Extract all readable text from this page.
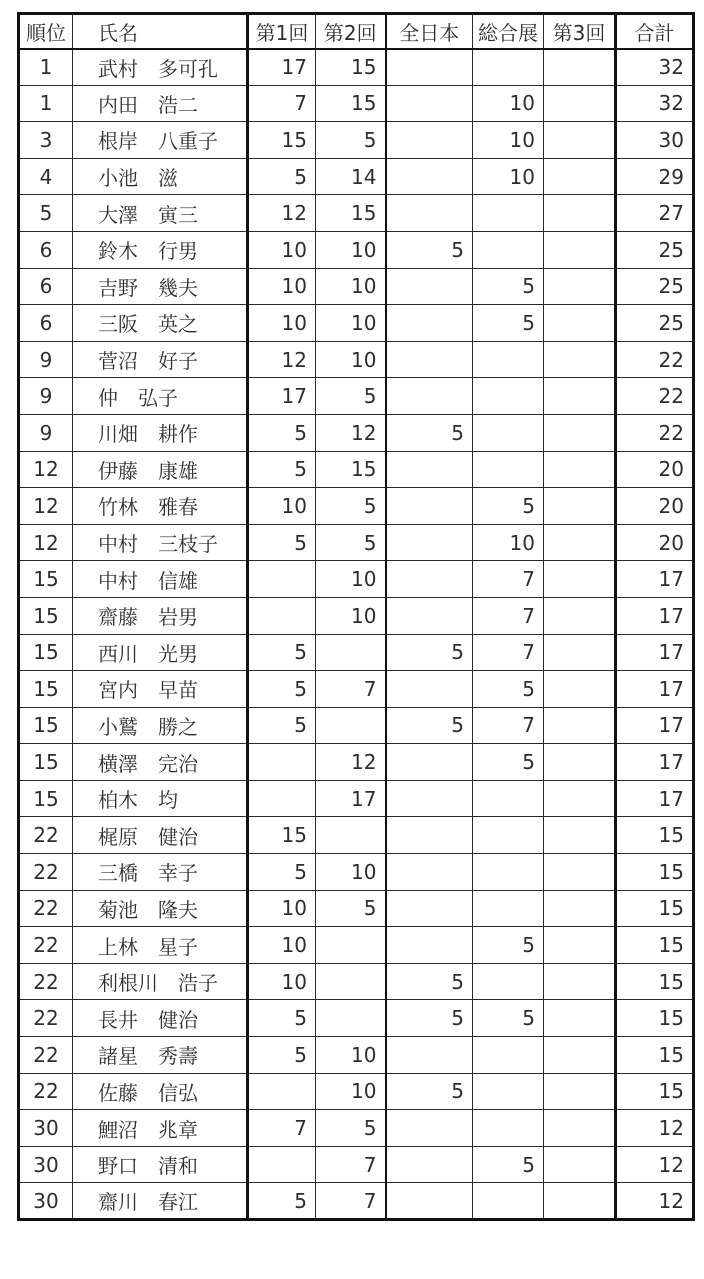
順位	氏名	第1回	第2回	全日本	総合展	第3回	合計
1	武村　多可孔	17	15				32
1	内田　浩二	7	15		10		32
3	根岸　八重子	15	5		10		30
4	小池　滋	5	14		10		29
5	大澤　寅三	12	15				27
6	鈴木　行男	10	10	5			25
6	吉野　幾夫	10	10		5		25
6	三阪　英之	10	10		5		25
9	菅沼　好子	12	10				22
9	仲　弘子	17	5				22
9	川畑　耕作	5	12	5			22
12	伊藤　康雄	5	15				20
12	竹林　雅春	10	5		5		20
12	中村　三枝子	5	5		10		20
15	中村　信雄		10		7		17
15	齋藤　岩男		10		7		17
15	西川　光男	5		5	7		17
15	宮内　早苗	5	7		5		17
15	小鷲　勝之	5		5	7		17
15	横澤　完治		12		5		17
15	柏木　均		17				17
22	梶原　健治	15					15
22	三橋　幸子	5	10				15
22	菊池　隆夫	10	5				15
22	上林　星子	10			5		15
22	利根川　浩子	10		5			15
22	長井　健治	5		5	5		15
22	諸星　秀壽	5	10				15
22	佐藤　信弘		10	5			15
30	鯉沼　兆章	7	5				12
30	野口　清和		7		5		12
30	齋川　春江	5	7				12
